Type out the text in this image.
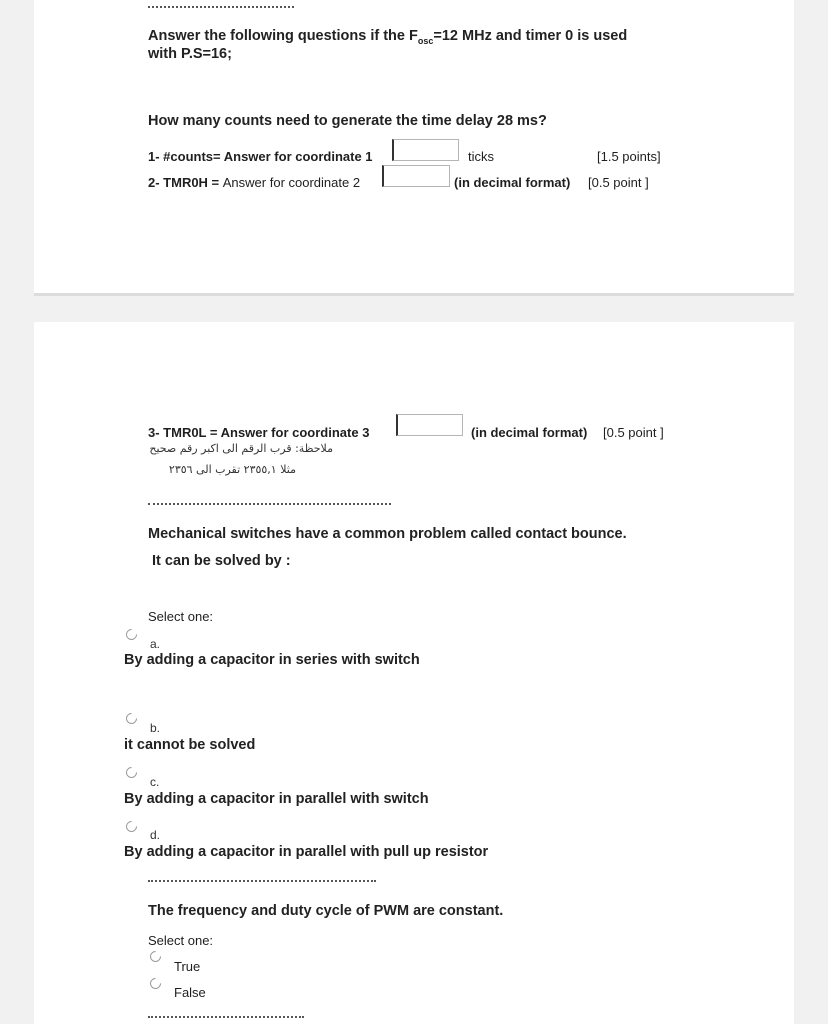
Answer the following questions if the $F_{osc}=12$ MHz and timer 0 is used
with P.S=16;
How many counts need to generate the time delay 28 ms?
1- #counts= Answer for coordinate 1	ticks	[1.5 points]
2- TMR0H = Answer for coordinate 2	(in decimal format) [0.5 point ]
3- TMR0L = Answer for coordinate 3	(in decimal format) [0.5 point ]
ملاحظة: قرب الرقم الى اكبر رقم صحيح
مثلا ٢٣٥٥,١ تقرب الى ٢٣٥٦
Mechanical switches have a common problem called contact bounce.
It can be solved by :
Select one:
a.
By adding a capacitor in series with switch
b.
it cannot be solved
c.
By adding a capacitor in parallel with switch
d.
By adding a capacitor in parallel with pull up resistor
The frequency and duty cycle of PWM are constant.
Select one:
True
False
